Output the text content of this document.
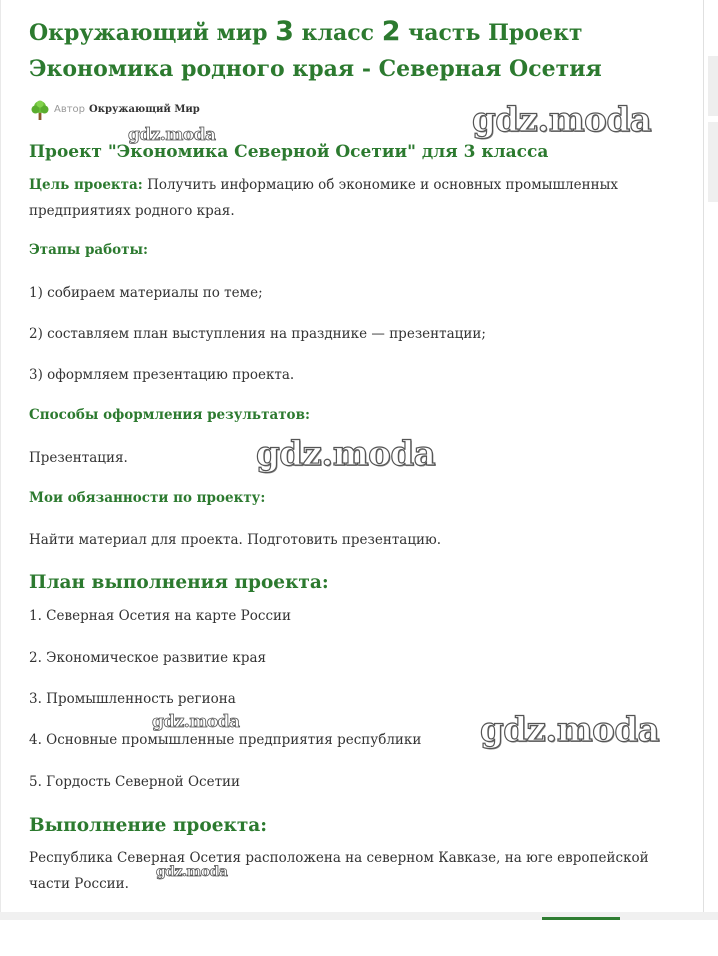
Окружающий мир 3 класс 2 часть Проект
Экономика родного края - Северная Осетия
Автор Окружающий Мир
Проект "Экономика Северной Осетии" для 3 класса

Цель проекта: Получить информацию об экономике и основных промышленных предприятиях родного края.

Этапы работы:

1) собираем материалы по теме;

2) составляем план выступления на празднике — презентации;

3) оформляем презентацию проекта.

Способы оформления результатов:

Презентация.

Мои обязанности по проекту:

Найти материал для проекта. Подготовить презентацию.

План выполнения проекта:

1. Северная Осетия на карте России

2. Экономическое развитие края

3. Промышленность региона

4. Основные промышленные предприятия республики

5. Гордость Северной Осетии

Выполнение проекта:

Республика Северная Осетия расположена на северном Кавказе, на юге европейской части России.

gdz.moda
gdz.moda
gdz.moda
gdz.moda	gdz.moda
gdz.moda
